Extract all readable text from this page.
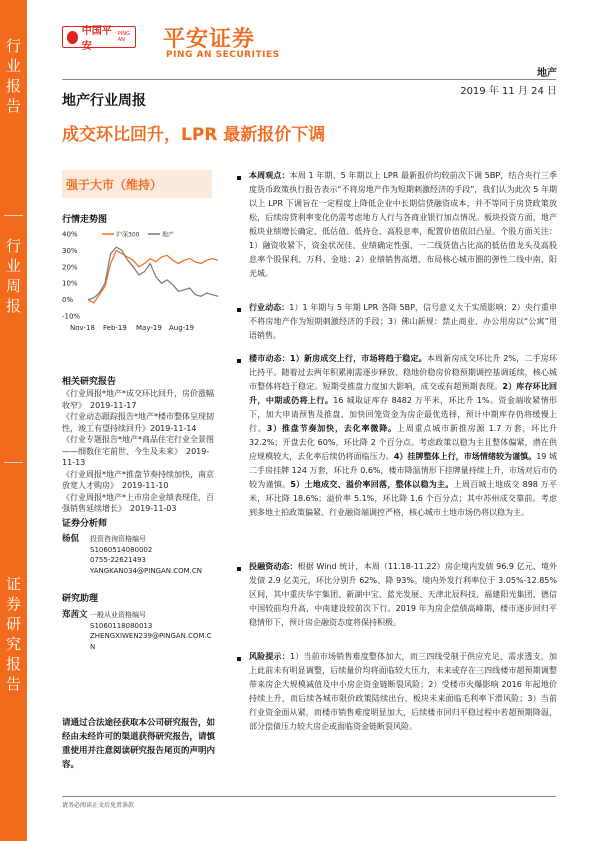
行
业
报
告
行
业
周
报
证
券
研
究
报
告
中国平安
PING AN	平安证券
PING AN SECURITIES
地产
2019 年 11 月 24 日
地产行业周报
成交环比回升，LPR 最新报价下调
强于大市（维持）
行情走势图
40%
30%
20%
10%
0%
-10%
Nov-18 Feb-19 May-19 Aug-19
沪深300	地产
相关研究报告
《行业周报*地产*成交环比回升，房价涨幅收窄》　2019-11-17
《行业动态跟踪报告*地产*楼市整体呈现韧性，竣工有望持续回升》2019-11-14
《行业专题报告*地产*商品住宅行业全景图——细数住宅前世、今生及未来》　2019-11-13
《行业周报*地产*推盘节奏持续加快，南京放宽人才购房》　2019-11-10
《行业周报*地产*上市房企业绩表现佳，百强销售延续增长》　2019-11-03
证券分析师
杨侃 投资咨询资格编号
S1060514080002
0755-22621493
YANGKAN034@PINGAN.COM.CN
研究助理
郑茜文 一般从业资格编号
S1060118080013
ZHENGXIWEN239@PINGAN.COM.C
N
请通过合法途径获取本公司研究报告，如经由未经许可的渠道获得研究报告，请慎重使用并注意阅读研究报告尾页的声明内容。
本周观点：本周 1 年期、5 年期以上 LPR 最新报价均较前次下调 5BP，结合央行三季度货币政策执行报告表示“不将房地产作为短期刺激经济的手段”，我们认为此次 5 年期以上 LPR 下调旨在一定程度上降低企业中长期信贷融资成本，并不等同于房贷政策放松，后续房贷利率变化仍需考虑地方人行与各商业银行加点情况。板块投资方面，地产板块业绩增长确定、低估值、低持仓、高股息率，配置价值依旧凸显。个股方面关注：1）融资收紧下，资金状况佳、业绩确定性强、一二线货值占比高的低估值龙头及高股息率个股保利、万科、金地；2）业绩销售高增、布局核心城市圈的弹性二线中南、阳光城。
行业动态：1）1 年期与 5 年期 LPR 各降 5BP，信号意义大于实质影响；2）央行重申不将房地产作为短期刺激经济的手段；3）佛山新规：禁止商业、办公用房以“公寓”用语销售。
楼市动态：1）新房成交上行，市场将趋于稳定。本周新房成交环比升 2%，二手房环比持平。随着过去两年积累刚需逐步释放、稳地价稳房价稳预期调控基调延续，核心城市整体将趋于稳定。短期受推盘力度加大影响，成交或有超预期表现。2）库存环比回升，中期或仍将上行。16 城取证库存 8482 万平米，环比升 1%。资金端收紧情形下，加大申请预售及推盘、加快回笼资金为房企最优选择，预计中期库存仍将缓慢上行。3）推盘节奏加快，去化率微降。上周重点城市新推房源 1.7 万套，环比升 32.2%；开盘去化 60%，环比降 2 个百分点。考虑政策以稳为主且整体偏紧，潜在供应规模较大，去化率后续仍将面临压力。4）挂牌整体上行，市场情绪较为谨慎。19 城二手房挂牌 124 万套，环比升 0.6%，楼市降温情形下挂牌量持续上升，市场对后市仍较为谨慎。5）土地成交、溢价率回落，整体以稳为主。上周百城土地成交 898 万平米，环比降 18.6%；溢价率 5.1%，环比降 1.6 个百分点；其中苏州成交靠前。考虑到多地土拍政策偏紧、行业融资端调控严格，核心城市土地市场仍将以稳为主。
投融资动态：根据 Wind 统计，本周（11.18-11.22）房企境内发债 96.9 亿元、境外发债 2.9 亿美元，环比分别升 62%、降 93%。境内外发行利率位于 3.05%-12.85%区间，其中重庆华宇集团、新湖中宝、蓝光发展、天津北辰科技、福建阳光集团、德信中国较前均升高，中南建设较前次下行。2019 年为房企偿债高峰期，楼市逐步回归平稳情形下，预计房企融资态度将保持积极。
风险提示：1）当前市场销售难度整体加大，而三四线受制于供应充足、需求透支，加上此前未有明显调整，后续量价均将面临较大压力，未来或存在三四线楼市超预期调整带来房企大规模减值及中小房企资金链断裂风险；2）受楼市火爆影响 2016 年起地价持续上升，而后续各城市限价政策陆续出台，板块未来面临毛利率下滑风险；3）当前行业资金面从紧，而楼市销售难度明显加大，后续楼市回归平稳过程中若超预期降温，部分偿债压力较大房企或面临资金链断裂风险。
请务必阅读正文后免责条款
